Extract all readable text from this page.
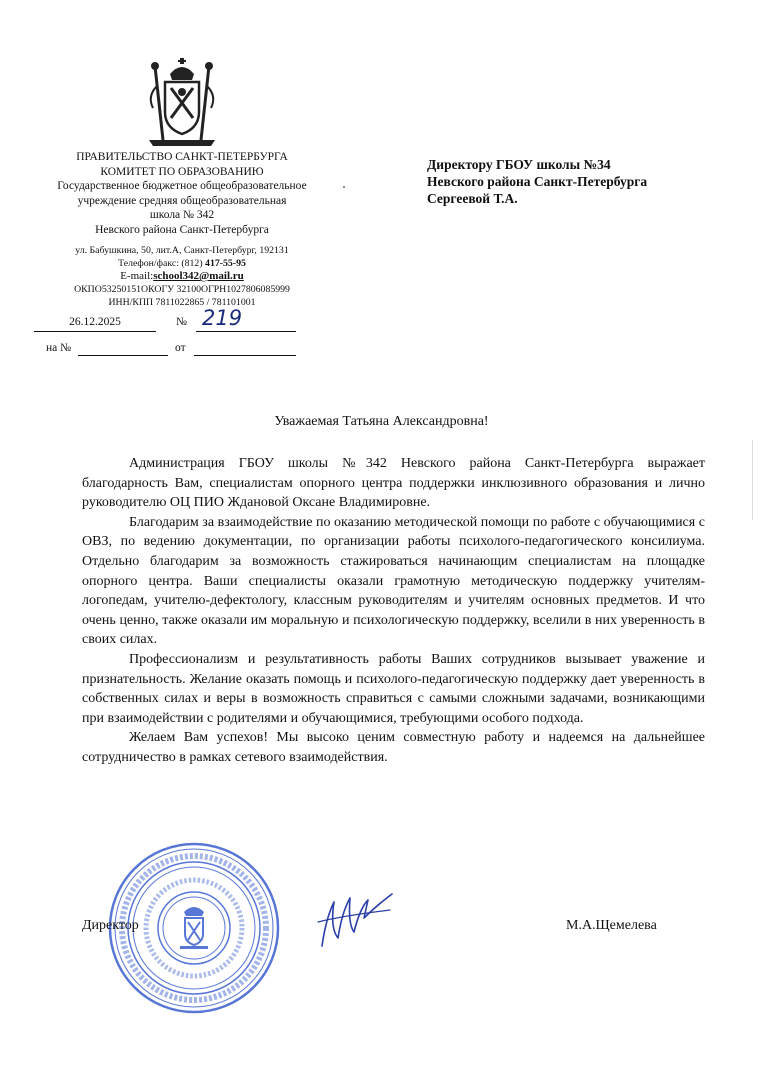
ПРАВИТЕЛЬСТВО САНКТ-ПЕТЕРБУРГА
КОМИТЕТ ПО ОБРАЗОВАНИЮ
Государственное бюджетное общеобразовательное
учреждение средняя общеобразовательная
школа № 342
Невского района Санкт-Петербурга
ул. Бабушкина, 50, лит.А, Санкт-Петербург, 192131
Телефон/факс: (812) 417-55-95
E-mail:school342@mail.ru
ОКПО53250151ОКОГУ 32100ОГРН1027806085999
ИНН/КПП 7811022865 / 781101001
26.12.2025	№ 219
на №	от
Директору ГБОУ школы №34
Невского района Санкт-Петербурга
Сергеевой Т.А.
Уважаемая Татьяна Александровна!

Администрация ГБОУ школы №342 Невского района Санкт-Петербурга выражает благодарность Вам, специалистам опорного центра поддержки инклюзивного образования и лично руководителю ОЦ ПИО Ждановой Оксане Владимировне.

Благодарим за взаимодействие по оказанию методической помощи по работе с обучающимися с ОВЗ, по ведению документации, по организации работы психолого-педагогического консилиума. Отдельно благодарим за возможность стажироваться начинающим специалистам на площадке опорного центра. Ваши специалисты оказали грамотную методическую поддержку учителям-логопедам, учителю-дефектологу, классным руководителям и учителям основных предметов. И что очень ценно, также оказали им моральную и психологическую поддержку, вселили в них уверенность в своих силах.

Профессионализм и результативность работы Ваших сотрудников вызывает уважение и признательность. Желание оказать помощь и психолого-педагогическую поддержку дает уверенность в собственных силах и веры в возможность справиться с самыми сложными задачами, возникающими при взаимодействии с родителями и обучающимися, требующими особого подхода.

Желаем Вам успехов! Мы высоко ценим совместную работу и надеемся на дальнейшее сотрудничество в рамках сетевого взаимодействия.

Директор	М.А.Щемелева
